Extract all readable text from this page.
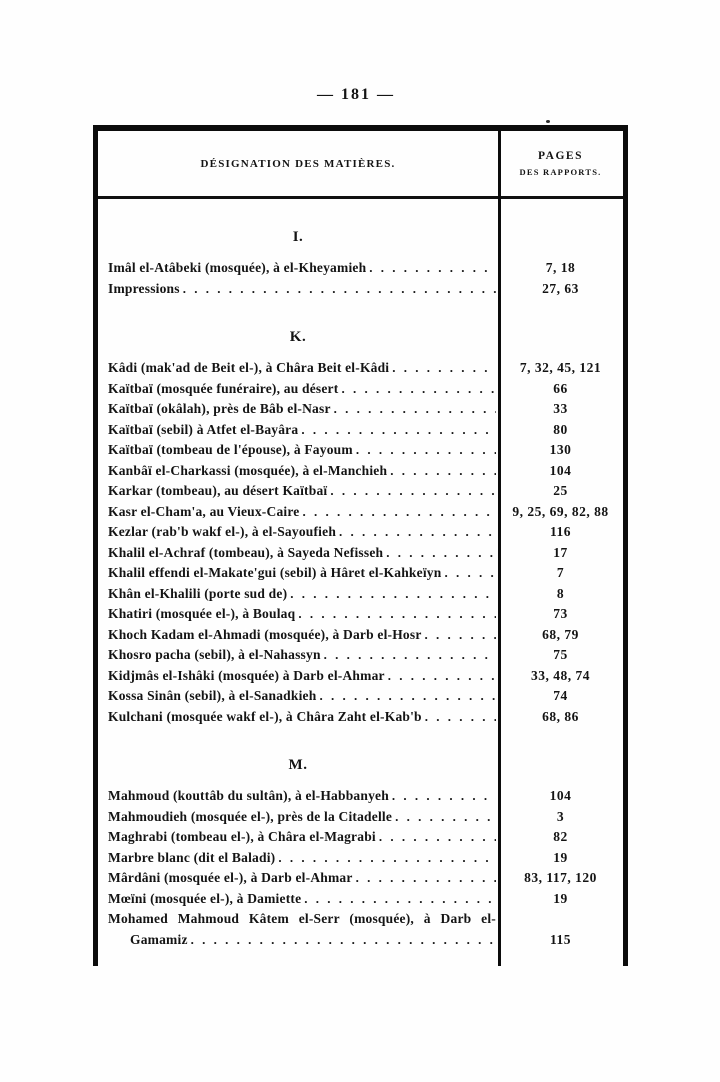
— 181 —
DÉSIGNATION DES MATIÈRES.
PAGES
DES RAPPORTS.
I.
Imâl el-Atâbeki (mosquée), à el-Kheyamieh . . .	7, 18
Impressions . . .	27, 63
K.
Kâdi (mak'ad de Beit el-), à Châra Beit el-Kâdi . . .	7, 32, 45, 121
Kaïtbaï (mosquée funéraire), au désert . . .	66
Kaïtbaï (okâlah), près de Bâb el-Nasr . . .	33
Kaïtbaï (sebil) à Atfet el-Bayâra . . .	80
Kaïtbaï (tombeau de l'épouse), à Fayoum . . .	130
Kanbâï el-Charkassi (mosquée), à el-Manchieh . . .	104
Karkar (tombeau), au désert Kaïtbaï . . .	25
Kasr el-Cham'a, au Vieux-Caire . . .	9, 25, 69, 82, 88
Kezlar (rab'b wakf el-), à el-Sayoufieh . . .	116
Khalil el-Achraf (tombeau), à Sayeda Nefisseh . . .	17
Khalil effendi el-Makate'gui (sebil) à Hâret el-Kahkeïyn . . .	7
Khân el-Khalili (porte sud de) . . .	8
Khatiri (mosquée el-), à Boulaq . . .	73
Khoch Kadam el-Ahmadi (mosquée), à Darb el-Hosr . . .	68, 79
Khosro pacha (sebil), à el-Nahassyn . . .	75
Kidjmâs el-Ishâki (mosquée) à Darb el-Ahmar . . .	33, 48, 74
Kossa Sinân (sebil), à el-Sanadkieh . . .	74
Kulchani (mosquée wakf el-), à Châra Zaht el-Kab'b . . .	68, 86
M.
Mahmoud (kouttâb du sultân), à el-Habbanyeh . . .	104
Mahmoudieh (mosquée el-), près de la Citadelle . . .	3
Maghrabi (tombeau el-), à Châra el-Magrabi . . .	82
Marbre blanc (dit el Baladi) . . .	19
Mârdâni (mosquée el-), à Darb el-Ahmar . . .	83, 117, 120
Mœïni (mosquée el-), à Damiette . . .	19
Mohamed Mahmoud Kâtem el-Serr (mosquée), à Darb el-
Gamamiz . . .	115
